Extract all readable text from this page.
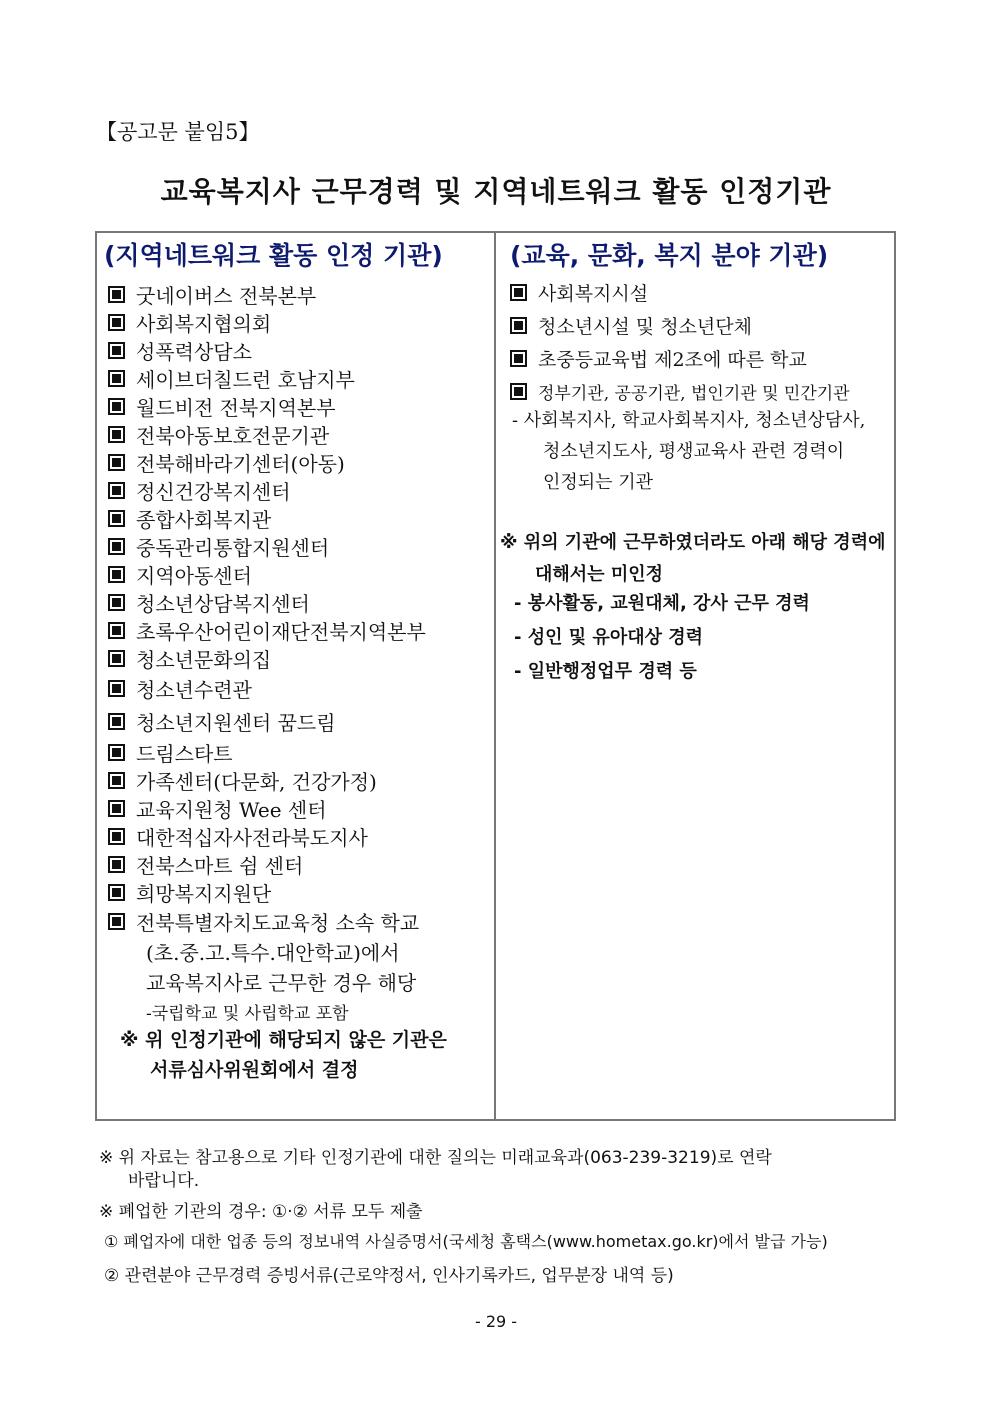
【공고문 붙임5】
교육복지사 근무경력 및 지역네트워크 활동 인정기관
(지역네트워크 활동 인정 기관)	(교육, 문화, 복지 분야 기관)
굿네이버스 전북본부
사회복지협의회
성폭력상담소
세이브더칠드런 호남지부
월드비전 전북지역본부
전북아동보호전문기관
전북해바라기센터(아동)
정신건강복지센터
종합사회복지관
중독관리통합지원센터
지역아동센터
청소년상담복지센터
초록우산어린이재단전북지역본부
청소년문화의집
청소년수련관
청소년지원센터 꿈드림
드림스타트
가족센터(다문화, 건강가정)
교육지원청 Wee 센터
대한적십자사전라북도지사
전북스마트 쉼 센터
희망복지지원단
전북특별자치도교육청 소속 학교
(초.중.고.특수.대안학교)에서
교육복지사로 근무한 경우 해당
-국립학교 및 사립학교 포함
※ 위 인정기관에 해당되지 않은 기관은
서류심사위원회에서 결정
사회복지시설
청소년시설 및 청소년단체
초중등교육법 제2조에 따른 학교
정부기관, 공공기관, 법인기관 및 민간기관
- 사회복지사, 학교사회복지사, 청소년상담사,
청소년지도사, 평생교육사 관련 경력이
인정되는 기관
※ 위의 기관에 근무하였더라도 아래 해당 경력에
대해서는 미인정
- 봉사활동, 교원대체, 강사 근무 경력
- 성인 및 유아대상 경력
- 일반행정업무 경력 등
※ 위 자료는 참고용으로 기타 인정기관에 대한 질의는 미래교육과(063-239-3219)로 연락
바랍니다.
※ 폐업한 기관의 경우: ①·② 서류 모두 제출
① 폐업자에 대한 업종 등의 정보내역 사실증명서(국세청 홈택스(www.hometax.go.kr)에서 발급 가능)
② 관련분야 근무경력 증빙서류(근로약정서, 인사기록카드, 업무분장 내역 등)
- 29 -
